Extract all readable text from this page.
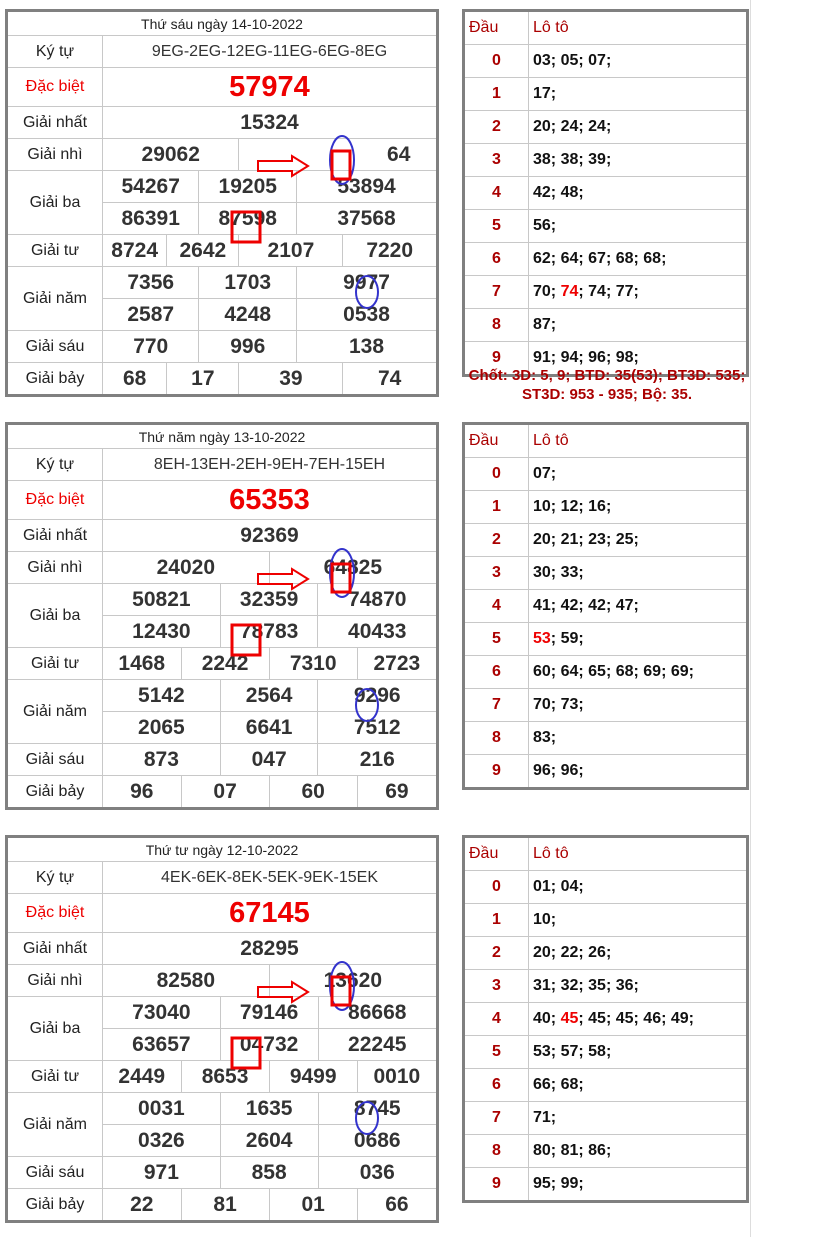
Thứ sáu ngày 14-10-2022						
Ký tự	9EG-2EG-12EG-11EG-6EG-8EG					
Đặc biệt	57974					
Giải nhất	15324					
Giải nhì	29062			64		
Giải ba	54267		19205		53894	
	86391		87598		37568	
Giải tư	8724	2642		2107		7220
Giải năm	7356		1703		9977	
	2587		4248		0538	
Giải sáu	770		996		138	
Giải bảy	68	17		39		74
Đầu	Lô tô
0	03; 05; 07;
1	17;
2	20; 24; 24;
3	38; 38; 39;
4	42; 48;
5	56;
6	62; 64; 67; 68; 68;
7	70; 74; 74; 77;
8	87;
9	91; 94; 96; 98;
Thứ năm ngày 13-10-2022						
Ký tự	8EH-13EH-2EH-9EH-7EH-15EH					
Đặc biệt	65353					
Giải nhất	92369					
Giải nhì	24020			64825		
Giải ba	50821		32359		74870	
	12430		78783		40433	
Giải tư	1468	2242		7310		2723
Giải năm	5142		2564		9296	
	2065		6641		7512	
Giải sáu	873		047		216	
Giải bảy	96	07		60		69
Đầu	Lô tô
0	07;
1	10; 12; 16;
2	20; 21; 23; 25;
3	30; 33;
4	41; 42; 42; 47;
5	53; 59;
6	60; 64; 65; 68; 69; 69;
7	70; 73;
8	83;
9	96; 96;
Thứ tư ngày 12-10-2022						
Ký tự	4EK-6EK-8EK-5EK-9EK-15EK					
Đặc biệt	67145					
Giải nhất	28295					
Giải nhì	82580			13620		
Giải ba	73040		79146		86668	
	63657		04732		22245	
Giải tư	2449	8653		9499		0010
Giải năm	0031		1635		8745	
	0326		2604		0686	
Giải sáu	971		858		036	
Giải bảy	22	81		01		66
Đầu	Lô tô
0	01; 04;
1	10;
2	20; 22; 26;
3	31; 32; 35; 36;
4	40; 45; 45; 45; 46; 49;
5	53; 57; 58;
6	66; 68;
7	71;
8	80; 81; 86;
9	95; 99;
Chốt: 3D: 5, 9; BTD: 35(53); BT3D: 535;
ST3D: 953 - 935; Bộ: 35.
